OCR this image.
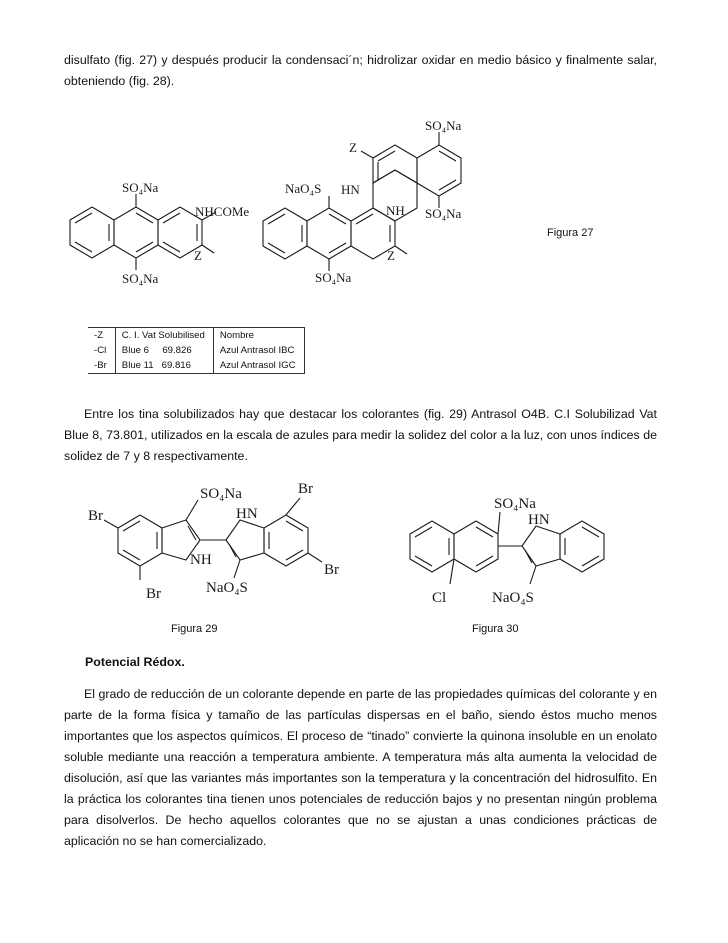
disulfato (fig. 27) y después producir la condensaci´n; hidrolizar oxidar en medio básico y finalmente salar, obteniendo (fig. 28).

SO₄Na
SO₄Na
NHCOMe
Z
SO₄Na
Z
NaO₄S HN
NH SO₄Na
Z
SO₄Na

Figura 27

-Z	C. I. Vat Solubilised	Nombre
-Cl	Blue 6     69.826	Azul Antrasol IBC
-Br	Blue 11   69.816	Azul Antrasol IGC

Entre los tina solubilizados hay que destacar los colorantes (fig. 29) Antrasol O4B. C.I Solubilizad Vat Blue 8, 73.801, utilizados en la escala de azules para medir la solidez del color a la luz, con unos índices de solidez de 7 y 8 respectivamente.

SO₄Na	Br
Br	HN
NH
Br
Br	NaO₄S
SO₄Na
HN
Cl	NaO₄S

Figura 29	Figura 30

Potencial Rédox.

El grado de reducción de un colorante depende en parte de las propiedades químicas del colorante y en parte de la forma física y tamaño de las partículas dispersas en el baño, siendo éstos mucho menos importantes que los aspectos químicos. El proceso de “tinado” convierte la quinona insoluble en un enolato soluble mediante una reacción a temperatura ambiente. A temperatura más alta aumenta la velocidad de disolución, así que las variantes más importantes son la temperatura y la concentración del hidrosulfito. En la práctica los colorantes tina tienen unos potenciales de reducción bajos y no presentan ningún problema para disolverlos. De hecho aquellos colorantes que no se ajustan a unas condiciones prácticas de aplicación no se han comercializado.
